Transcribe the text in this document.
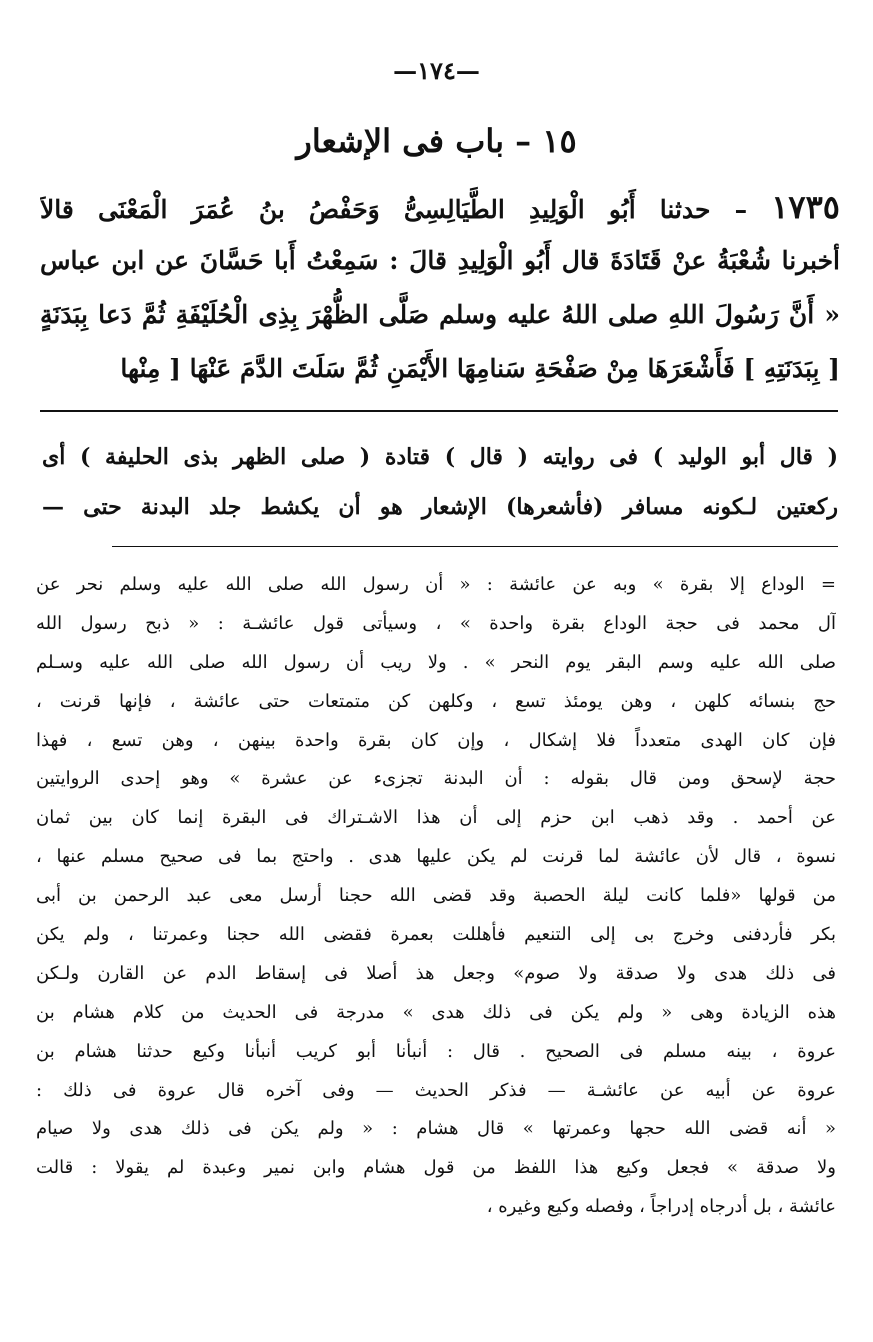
—١٧٤—
١٥ – باب فى الإشعار
١٧٣٥ – حدثنا أَبُو الْوَلِيدِ الطَّيَالِسِىُّ وَحَفْصُ بنُ عُمَرَ الْمَعْنَى قالاَ
أخبرنا شُعْبَةُ عنْ قَتَادَةَ قال أَبُو الْوَلِيدِ قالَ : سَمِعْتُ أَبا حَسَّانَ عن ابن عباس
« أَنَّ رَسُولَ اللهِ صلى اللهُ عليه وسلم صَلَّى الظُّهْرَ بِذِى الْحُلَيْفَةِ ثُمَّ دَعا بِبَدَنَةٍ
[ بِبَدَنَتِهِ ] فَأَشْعَرَهَا مِنْ صَفْحَةِ سَنامِهَا الأَيْمَنِ ثُمَّ سَلَتَ الدَّمَ عَنْهَا [ مِنْها
( قال أبو الوليد ) فى روايته ( قال ) قتادة ( صلى الظهر بذى الحليفة ) أى
ركعتين لـكونه مسافر (فأشعرها) الإشعار هو أن يكشط جلد البدنة حتى —
= الوداع إلا بقرة » وبه عن عائشة : « أن رسول الله صلى الله عليه وسلم نحر عن
آل محمد فى حجة الوداع بقرة واحدة » ، وسيأتى قول عائشـة : « ذبح رسول الله
صلى الله عليه وسم البقر يوم النحر » . ولا ريب أن رسول الله صلى الله عليه وسـلم
حج بنسائه كلهن ، وهن يومئذ تسع ، وكلهن كن متمتعات حتى عائشة ، فإنها قرنت ،
فإن كان الهدى متعدداً فلا إشكال ، وإن كان بقرة واحدة بينهن ، وهن تسع ، فهذا
حجة لإسحق ومن قال بقوله : أن البدنة تجزىء عن عشرة » وهو إحدى الروايتين
عن أحمد . وقد ذهب ابن حزم إلى أن هذا الاشـتراك فى البقرة إنما كان بين ثمان
نسوة ، قال لأن عائشة لما قرنت لم يكن عليها هدى . واحتج بما فى صحيح مسلم عنها ،
من قولها «فلما كانت ليلة الحصبة وقد قضى الله حجنا أرسل معى عبد الرحمن بن أبى
بكر فأردفنى وخرج بى إلى التنعيم فأهللت بعمرة فقضى الله حجنا وعمرتنا ، ولم يكن
فى ذلك هدى ولا صدقة ولا صوم» وجعل هذ أصلا فى إسقاط الدم عن القارن ولـكن
هذه الزيادة وهى « ولم يكن فى ذلك هدى » مدرجة فى الحديث من كلام هشام بن
عروة ، بينه مسلم فى الصحيح . قال : أنبأنا أبو كريب أنبأنا وكيع حدثنا هشام بن
عروة عن أبيه عن عائشـة — فذكر الحديث — وفى آخره قال عروة فى ذلك :
« أنه قضى الله حجها وعمرتها » قال هشام : « ولم يكن فى ذلك هدى ولا صيام
ولا صدقة » فجعل وكيع هذا اللفظ من قول هشام وابن نمير وعبدة لم يقولا : قالت
عائشة ، بل أدرجاه إدراجاً ، وفصله وكيع وغيره ،
